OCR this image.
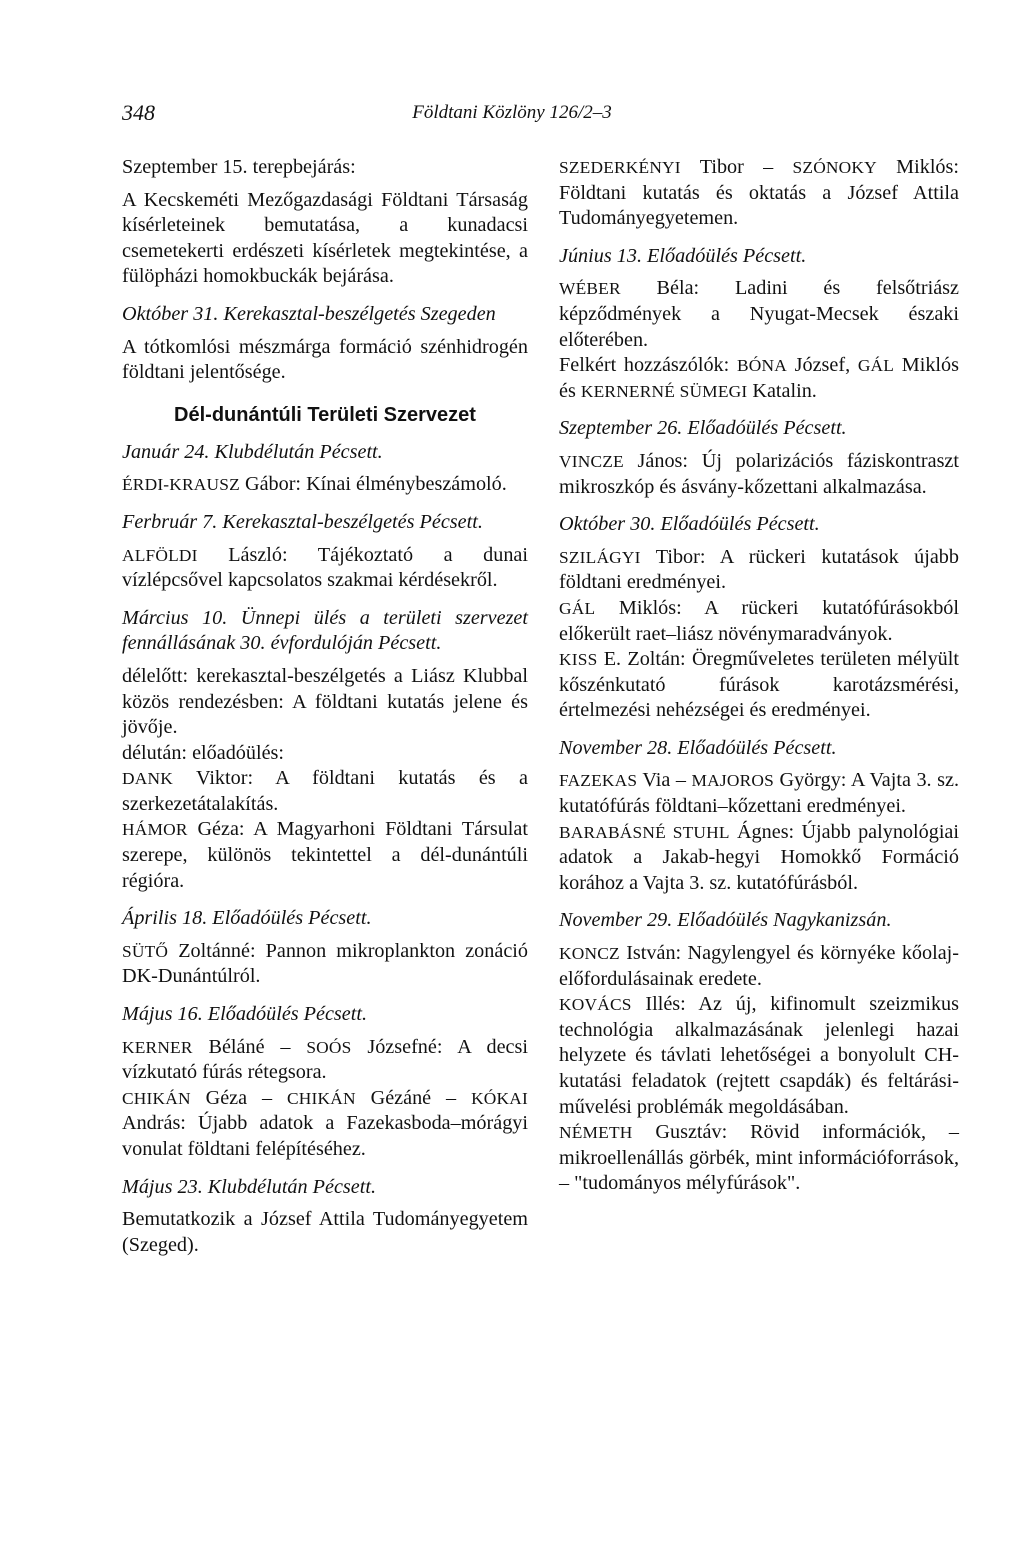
348	Földtani Közlöny 126/2–3

Szeptember 15. terepbejárás:

A Kecskeméti Mezőgazdasági Földtani Társaság kísérleteinek bemutatása, a kunadacsi csemetekerti erdészeti kísérletek megtekintése, a fülöpházi homokbuckák bejárása.

Október 31. Kerekasztal-beszélgetés Szegeden

A tótkomlósi mészmárga formáció szénhidrogén földtani jelentősége.

Dél-dunántúli Területi Szervezet

Január 24. Klubdélután Pécsett.

ÉRDI-KRAUSZ Gábor: Kínai élménybeszámoló.

Ferbruár 7. Kerekasztal-beszélgetés Pécsett.

ALFÖLDI László: Tájékoztató a dunai vízlépcsővel kapcsolatos szakmai kérdésekről.

Március 10. Ünnepi ülés a területi szervezet fennállásának 30. évfordulóján Pécsett.

délelőtt: kerekasztal-beszélgetés a Liász Klubbal közös rendezésben: A földtani kutatás jelene és jövője.

délután: előadóülés:

DANK Viktor: A földtani kutatás és a szerkezetátalakítás.

HÁMOR Géza: A Magyarhoni Földtani Társulat szerepe, különös tekintettel a dél-dunántúli régióra.

Április 18. Előadóülés Pécsett.

SÜTŐ Zoltánné: Pannon mikroplankton zonáció DK-Dunántúlról.

Május 16. Előadóülés Pécsett.

KERNER Béláné – SOÓS Józsefné: A decsi vízkutató fúrás rétegsora.

CHIKÁN Géza – CHIKÁN Gézáné – KÓKAI András: Újabb adatok a Fazekasboda–mórágyi vonulat földtani felépítéséhez.

Május 23. Klubdélután Pécsett.

Bemutatkozik a József Attila Tudományegyetem (Szeged).

SZEDERKÉNYI Tibor – SZÓNOKY Miklós: Földtani kutatás és oktatás a József Attila Tudományegyetemen.

Június 13. Előadóülés Pécsett.

WÉBER Béla: Ladini és felsőtriász képződmények a Nyugat-Mecsek északi előterében.

Felkért hozzászólók: BÓNA József, GÁL Miklós és KERNERNÉ SÜMEGI Katalin.

Szeptember 26. Előadóülés Pécsett.

VINCZE János: Új polarizációs fáziskontraszt mikroszkóp és ásvány-kőzettani alkalmazása.

Október 30. Előadóülés Pécsett.

SZILÁGYI Tibor: A rückeri kutatások újabb földtani eredményei.

GÁL Miklós: A rückeri kutatófúrásokból előkerült raet–liász növénymaradványok.

KISS E. Zoltán: Öregműveletes területen mélyült kőszénkutató fúrások karotázsmérési, értelmezési nehézségei és eredményei.

November 28. Előadóülés Pécsett.

FAZEKAS Via – MAJOROS György: A Vajta 3. sz. kutatófúrás földtani–kőzettani eredményei.

BARABÁSNÉ STUHL Ágnes: Újabb palynológiai adatok a Jakab-hegyi Homokkő Formáció korához a Vajta 3. sz. kutatófúrásból.

November 29. Előadóülés Nagykanizsán.

KONCZ István: Nagylengyel és környéke kőolaj-előfordulásainak eredete.

KOVÁCS Illés: Az új, kifinomult szeizmikus technológia alkalmazásának jelenlegi hazai helyzete és távlati lehetőségei a bonyolult CH-kutatási feladatok (rejtett csapdák) és feltárási-művelési problémák megoldásában.

NÉMETH Gusztáv: Rövid információk, – mikroellenállás görbék, mint információforrások, – "tudományos mélyfúrások".
